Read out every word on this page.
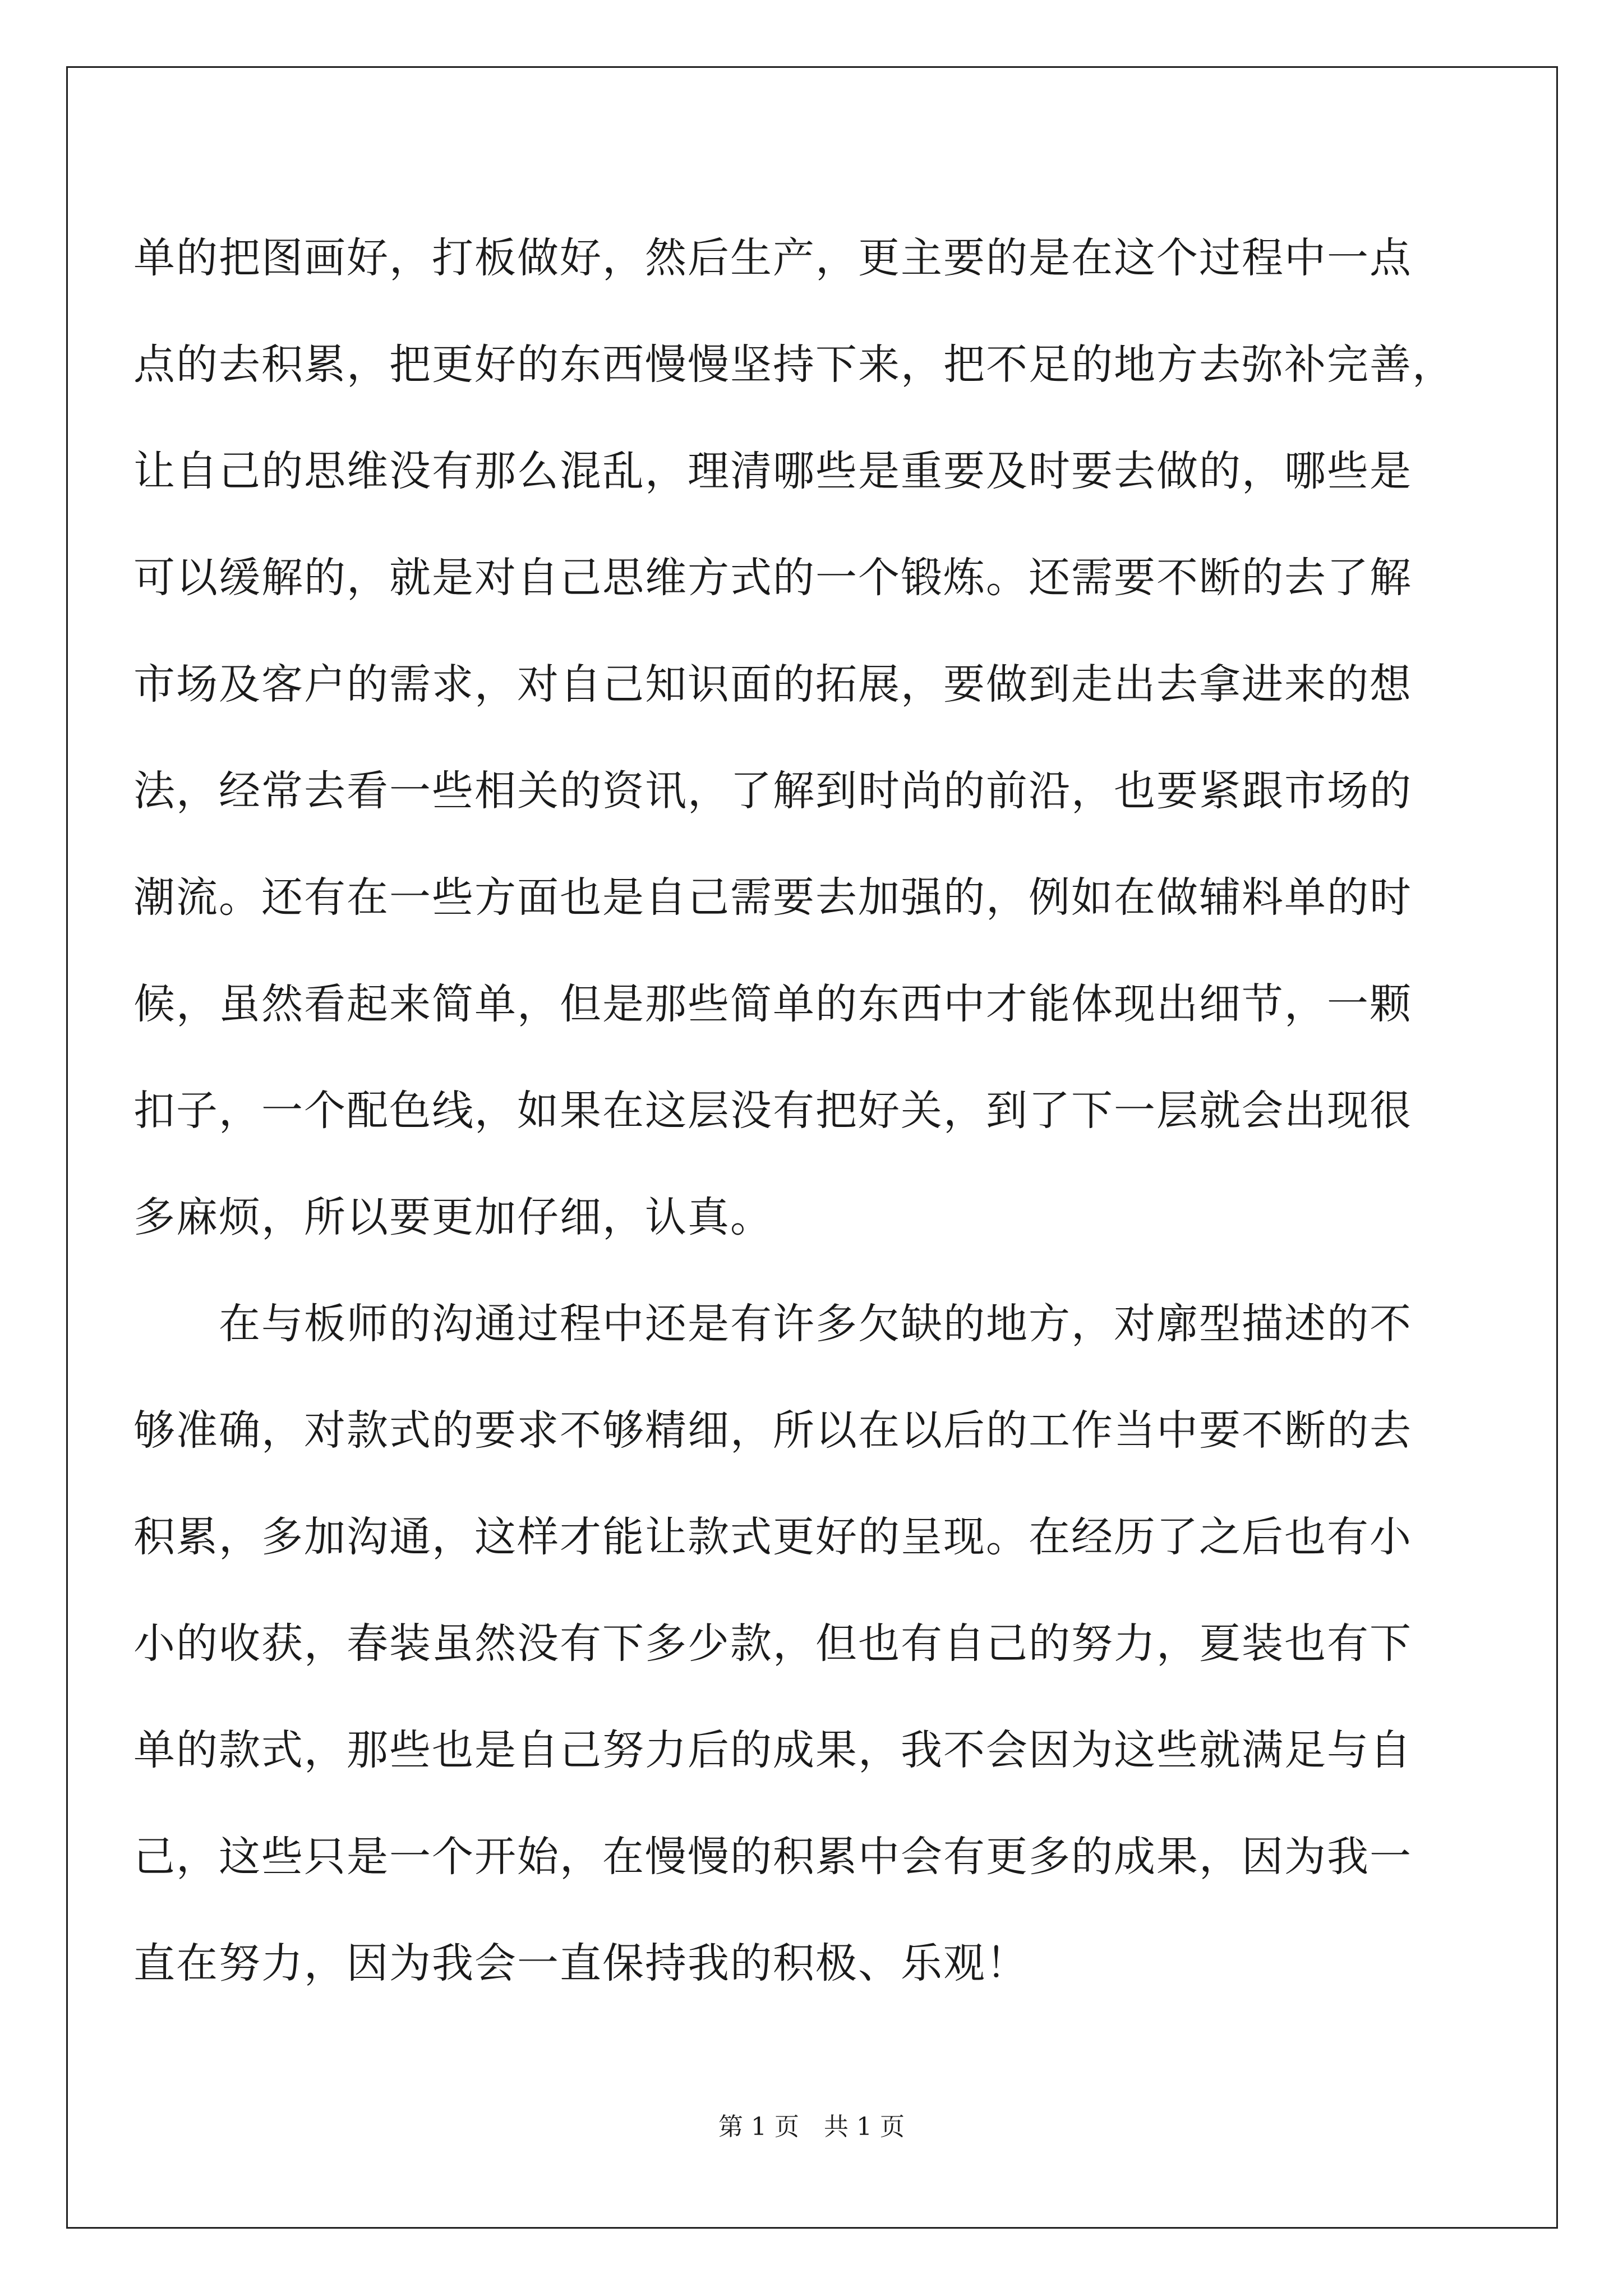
单的把图画好，打板做好，然后生产，更主要的是在这个过程中一点
点的去积累，把更好的东西慢慢坚持下来，把不足的地方去弥补完善，
让自己的思维没有那么混乱，理清哪些是重要及时要去做的，哪些是
可以缓解的，就是对自己思维方式的一个锻炼。还需要不断的去了解
市场及客户的需求，对自己知识面的拓展，要做到走出去拿进来的想
法，经常去看一些相关的资讯，了解到时尚的前沿，也要紧跟市场的
潮流。还有在一些方面也是自己需要去加强的，例如在做辅料单的时
候，虽然看起来简单，但是那些简单的东西中才能体现出细节，一颗
扣子，一个配色线，如果在这层没有把好关，到了下一层就会出现很
多麻烦，所以要更加仔细，认真。
　　在与板师的沟通过程中还是有许多欠缺的地方，对廓型描述的不
够准确，对款式的要求不够精细，所以在以后的工作当中要不断的去
积累，多加沟通，这样才能让款式更好的呈现。在经历了之后也有小
小的收获，春装虽然没有下多少款，但也有自己的努力，夏装也有下
单的款式，那些也是自己努力后的成果，我不会因为这些就满足与自
己，这些只是一个开始，在慢慢的积累中会有更多的成果，因为我一
直在努力，因为我会一直保持我的积极、乐观！
第 1 页　共 1 页
